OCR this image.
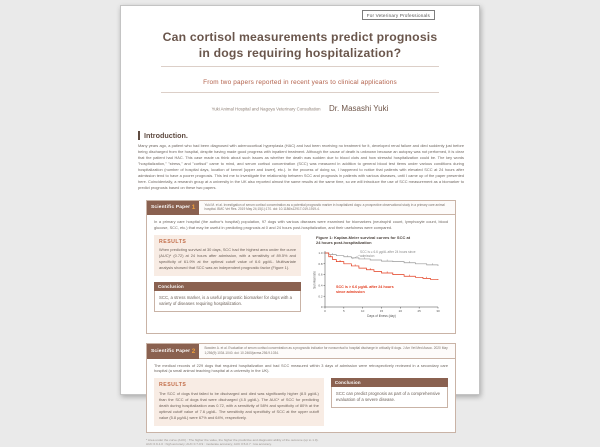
For Veterinary Professionals
Can cortisol measurements predict prognosis
in dogs requiring hospitalization?
From two papers reported in recent years to clinical applications
Yuki Animal Hospital and Nagoya Veterinary Consultation Dr. Masashi Yuki
Introduction.
Many years ago, a patient who had been diagnosed with adrenocortical hyperplasia (HAC) and had been receiving no treatment for it, developed renal failure and died suddenly just before being discharged from the hospital, despite having made good progress with inpatient treatment. Although the cause of death is unknown because an autopsy was not performed, it is clear that the patient had HAC. This case made us think about such issues as whether the death was sudden due to blood clots and how stressful hospitalization could be. The key words "hospitalization," "stress," and "cortisol" came to mind, and serum cortisol concentration (SCC) was measured in addition to general blood test items under various conditions during hospitalization (number of hospital days, location of kennel [upper and lower], etc.). In the process of doing so, I happened to notice that patients with elevated SCC at 24 hours after admission tend to have a poorer prognosis. This led me to investigate the relationship between SCC and prognosis in patients with various diseases, until I came up of the paper presented here. Coincidentally, a research group at a university in the UK also reported almost the same results at the same time, so we will introduce the use of SCC measurement as a biomarker to predict prognosis based on these two papers.
Scientific Paper 1	Yuki M. et al. Investigation of serum cortisol concentration as a potential prognostic marker in hospitalized dogs: a prospective observational study in a primary care animal hospital. BMC Vet Res. 2019 May 24;15(1):170. doi: 10.1186/s12917-019-1919-4.
In a primary care hospital (the author's hospital) population, 97 dogs with various diseases were examined for biomarkers (neutrophil count, lymphocyte count, blood glucose, SCC, etc.) that may be useful in predicting prognosis at 0 and 24 hours post-hospitalization, and their usefulness were compared.
RESULTS
When predicting survival at 30 days, SCC had the highest area under the curve (AUC)* (0.72) at 24 hours after admission, with a sensitivity of 89.5% and specificity of 61.9% at the optimal cutoff value of 6.6 μg/dL. Multivariate analysis showed that SCC was an independent prognostic factor (Figure 1).
Conclusion
SCC, a stress marker, is a useful prognostic biomarker for dogs with a variety of diseases requiring hospitalization.
Figure 1: Kaplan-Meier survival curves for SCC at
24 hours post-hospitalization
0
0.2
0.4
0.6
0.8
1.0
0	5	10	15	20	25	30
Survival rate
Days of illness (day)
SCC is ≤ 6.6 μg/dL after 24 hours since admission
SCC is > 6.6 μg/dL after 24 hours since admission
Scientific Paper 2	Bowden A. et al. Evaluation of serum cortisol concentration as a prognostic indicator for nonsurvival to hospital discharge in critically ill dogs. J Am Vet Med Assoc. 2020 May 1;256(9):1034-1040. doi: 10.2460/javma.256.9.1034.
The medical records of 229 dogs that required hospitalization and had SCC measured within 3 days of admission were retrospectively reviewed in a secondary care hospital (a small animal teaching hospital at a university in the UK).
RESULTS
The SCC of dogs that failed to be discharged and died was significantly higher (8.5 μg/dL) than the SCC of dogs that were discharged (4.5 μg/dL). The AUC* of SCC for predicting death during hospitalization was 0.72, with a sensitivity of 58% and specificity of 80% at the optimal cutoff value of 7.6 μg/dL. The sensitivity and specificity of SCC at the upper cutoff value (5.8 μg/dL) were 67% and 64%, respectively.
Conclusion
SCC can predict prognosis as part of a comprehensive evaluation of a severe disease.
* Area under the curve (AUC) : The higher the value, the higher the predictive and diagnostic ability of the outcome (up to 1.0).
AUC 0.9-1.0 : high accuracy; AUC 0.7-0.9 : moderate accuracy; AUC 0.5-0.7 : low accuracy.
